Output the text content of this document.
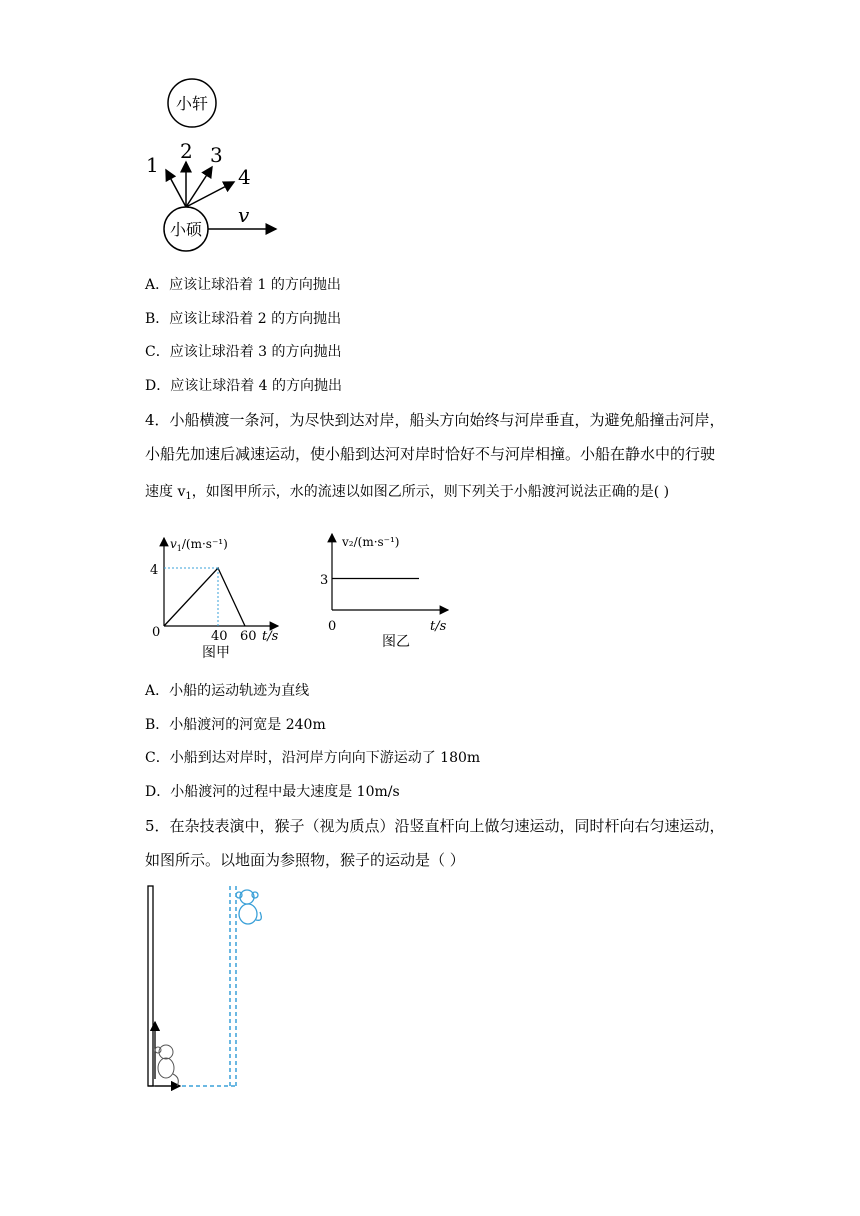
小轩
小硕
1
2 3
4
v
A．应该让球沿着 1 的方向抛出
B．应该让球沿着 2 的方向抛出
C．应该让球沿着 3 的方向抛出
D．应该让球沿着 4 的方向抛出
4．小船横渡一条河，为尽快到达对岸，船头方向始终与河岸垂直，为避免船撞击河岸，
小船先加速后减速运动，使小船到达河对岸时恰好不与河岸相撞。小船在静水中的行驶
速度 $v_1$，如图甲所示，水的流速以如图乙所示，则下列关于小船渡河说法正确的是( )
$v_1/(m\cdot s^{-1})$
4
0	40 60 t/s
图甲
v₂/(m·s⁻¹)
3
0	t/s
图乙
A．小船的运动轨迹为直线
B．小船渡河的河宽是 240m
C．小船到达对岸时，沿河岸方向向下游运动了 180m
D．小船渡河的过程中最大速度是 10m/s
5．在杂技表演中，猴子（视为质点）沿竖直杆向上做匀速运动，同时杆向右匀速运动，
如图所示。以地面为参照物，猴子的运动是（ ）
